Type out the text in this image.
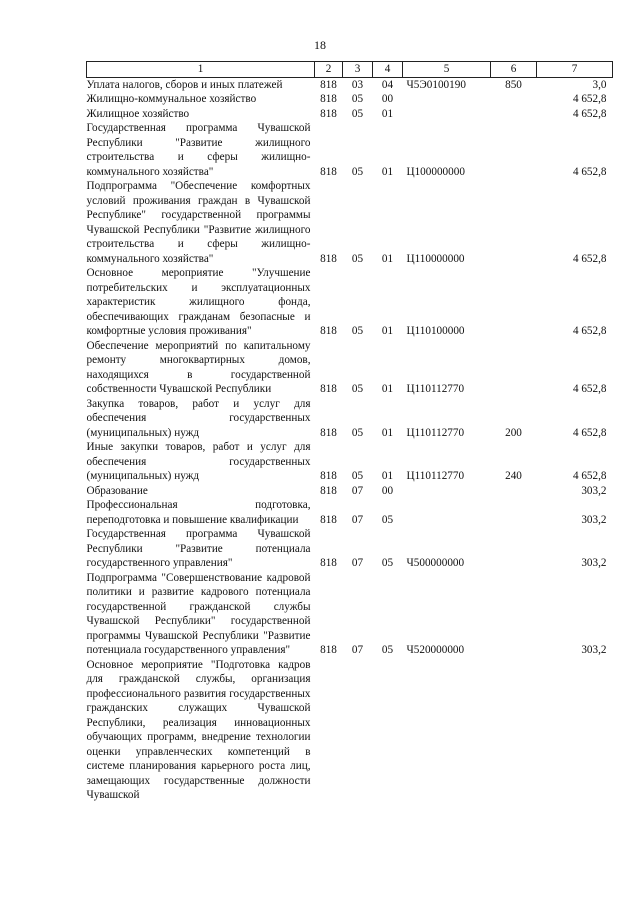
18
1	2	3	4	5	6	7
Уплата налогов, сборов и иных платежей	818	03	04	Ч5Э0100190	850	3,0
Жилищно-коммунальное хозяйство	818	05	00			4 652,8
Жилищное хозяйство	818	05	01			4 652,8
Государственная программа Чувашской Республики "Развитие жилищного строительства и сферы жилищно-коммунального хозяйства"	818	05	01	Ц100000000		4 652,8
Подпрограмма "Обеспечение комфортных условий проживания граждан в Чувашской Республике" государственной программы Чувашской Республики "Развитие жилищного строительства и сферы жилищно-коммунального хозяйства"	818	05	01	Ц110000000		4 652,8
Основное мероприятие "Улучшение потребительских и эксплуатационных характеристик жилищного фонда, обеспечивающих гражданам безопасные и комфортные условия проживания"	818	05	01	Ц110100000		4 652,8
Обеспечение мероприятий по капитальному ремонту многоквартирных домов, находящихся в государственной собственности Чувашской Республики	818	05	01	Ц110112770		4 652,8
Закупка товаров, работ и услуг для обеспечения государственных (муниципальных) нужд	818	05	01	Ц110112770	200	4 652,8
Иные закупки товаров, работ и услуг для обеспечения государственных (муниципальных) нужд	818	05	01	Ц110112770	240	4 652,8
Образование	818	07	00			303,2
Профессиональная подготовка, переподготовка и повышение квалификации	818	07	05			303,2
Государственная программа Чувашской Республики "Развитие потенциала государственного управления"	818	07	05	Ч500000000		303,2
Подпрограмма "Совершенствование кадровой политики и развитие кадрового потенциала государственной гражданской службы Чувашской Республики" государственной программы Чувашской Республики "Развитие потенциала государственного управления"	818	07	05	Ч520000000		303,2
Основное мероприятие "Подготовка кадров для гражданской службы, организация профессионального развития государственных гражданских служащих Чувашской Республики, реализация инновационных обучающих программ, внедрение технологии оценки управленческих компетенций в системе планирования карьерного роста лиц, замещающих государственные должности Чувашской						
